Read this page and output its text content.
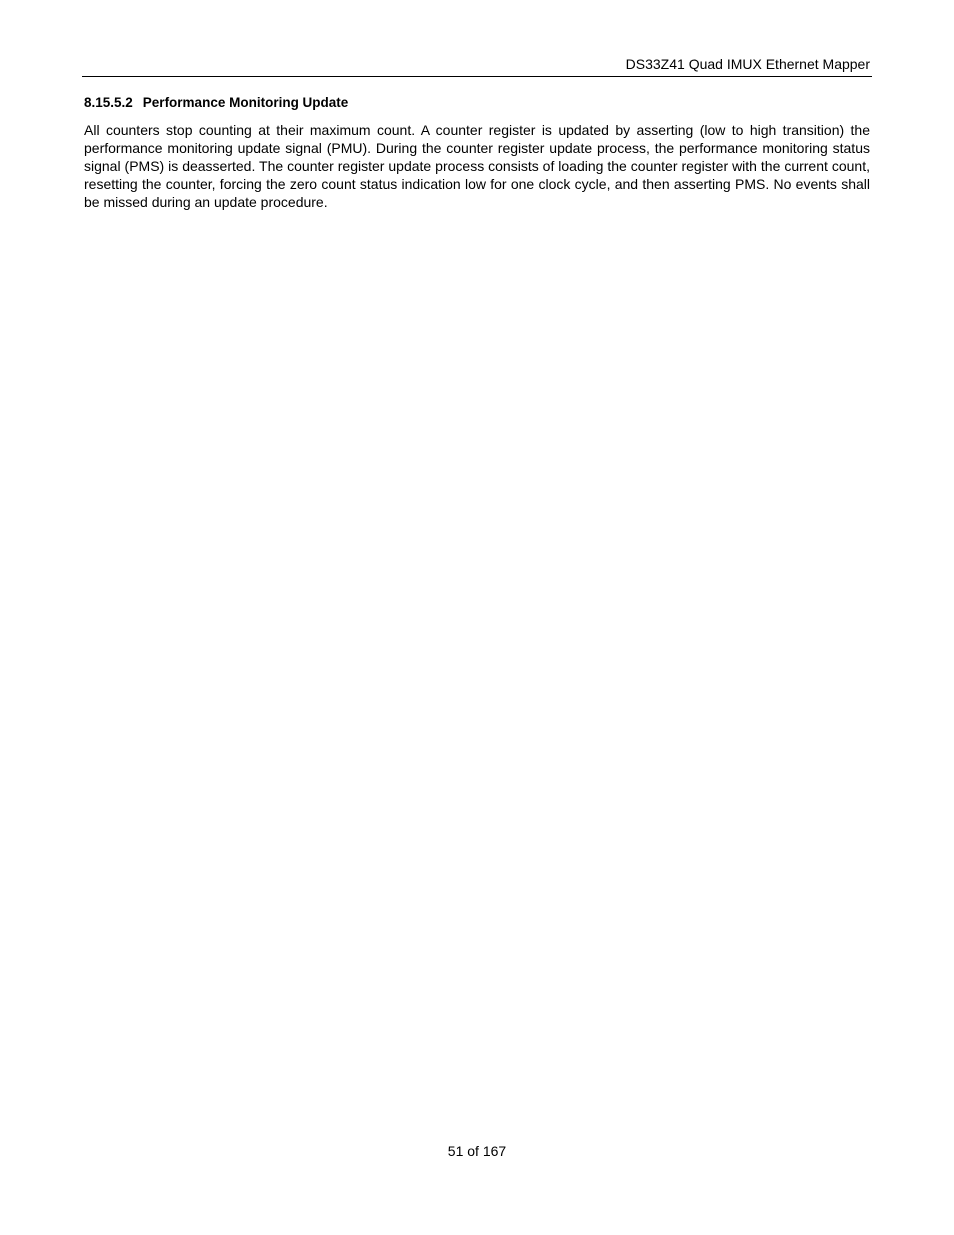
DS33Z41 Quad IMUX Ethernet Mapper
8.15.5.2 Performance Monitoring Update

All counters stop counting at their maximum count. A counter register is updated by asserting (low to high transition) the performance monitoring update signal (PMU). During the counter register update process, the performance monitoring status signal (PMS) is deasserted. The counter register update process consists of loading the counter register with the current count, resetting the counter, forcing the zero count status indication low for one clock cycle, and then asserting PMS. No events shall be missed during an update procedure.

51 of 167
